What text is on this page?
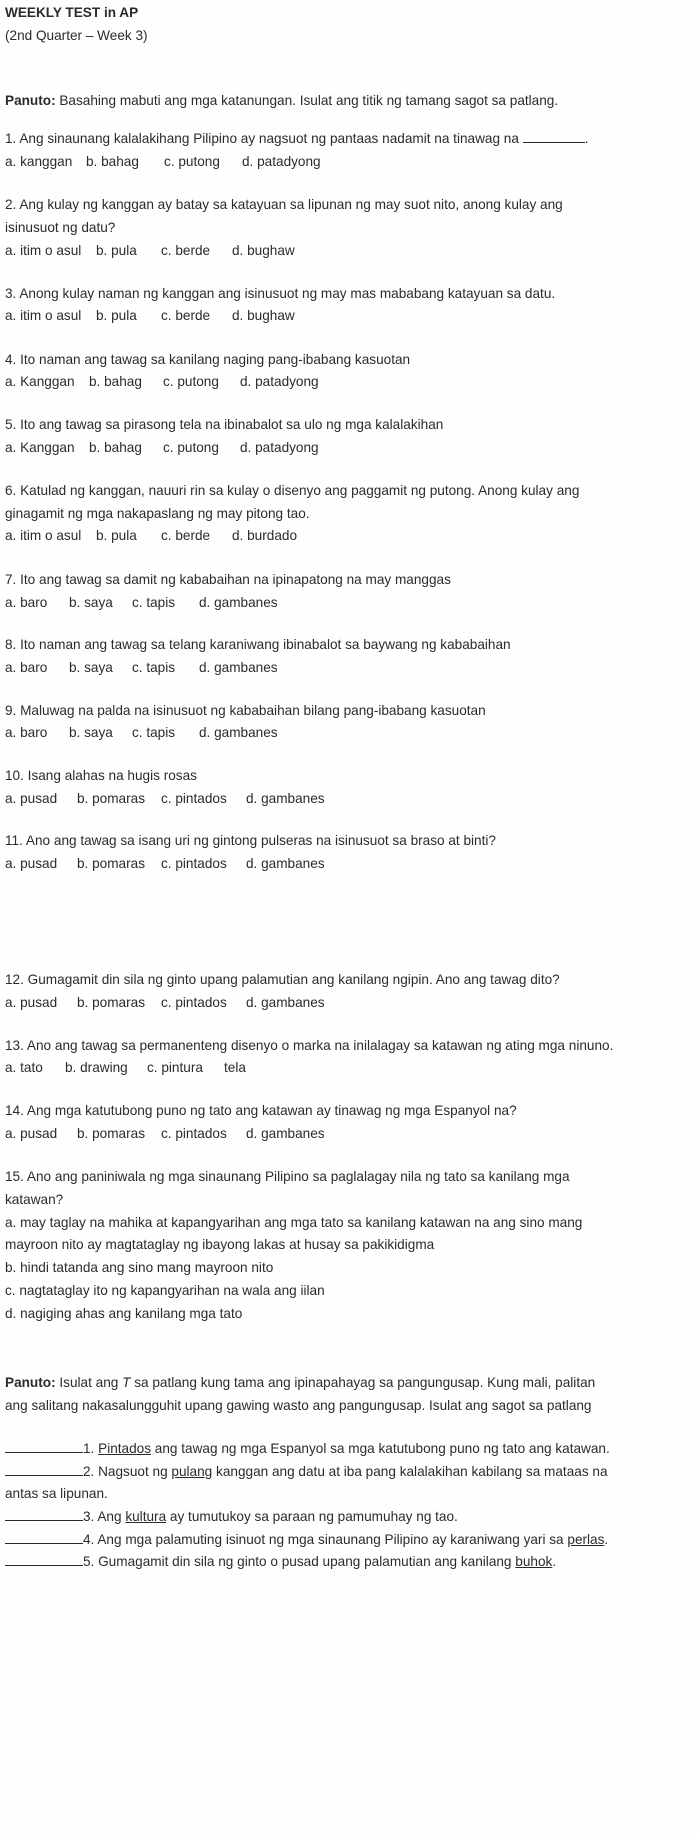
WEEKLY TEST in AP
(2nd Quarter – Week 3)
Panuto: Basahing mabuti ang mga katanungan. Isulat ang titik ng tamang sagot sa patlang.
1. Ang sinaunang kalalakihang Pilipino ay nagsuot ng pantaas nadamit na tinawag na	.
a. kanggan b. bahag c. putong d. patadyong
2. Ang kulay ng kanggan ay batay sa katayuan sa lipunan ng may suot nito, anong kulay ang
isinusuot ng datu?
a. itim o asul b. pula c. berde d. bughaw
3. Anong kulay naman ng kanggan ang isinusuot ng may mas mababang katayuan sa datu.
a. itim o asul b. pula c. berde d. bughaw
4. Ito naman ang tawag sa kanilang naging pang-ibabang kasuotan
a. Kanggan b. bahag c. putong d. patadyong
5. Ito ang tawag sa pirasong tela na ibinabalot sa ulo ng mga kalalakihan
a. Kanggan b. bahag c. putong d. patadyong
6. Katulad ng kanggan, nauuri rin sa kulay o disenyo ang paggamit ng putong. Anong kulay ang
ginagamit ng mga nakapaslang ng may pitong tao.
a. itim o asul b. pula c. berde d. burdado
7. Ito ang tawag sa damit ng kababaihan na ipinapatong na may manggas
a. baro b. saya c. tapis d. gambanes
8. Ito naman ang tawag sa telang karaniwang ibinabalot sa baywang ng kababaihan
a. baro b. saya c. tapis d. gambanes
9. Maluwag na palda na isinusuot ng kababaihan bilang pang-ibabang kasuotan
a. baro b. saya c. tapis d. gambanes
10. Isang alahas na hugis rosas
a. pusad b. pomaras c. pintados d. gambanes
11. Ano ang tawag sa isang uri ng gintong pulseras na isinusuot sa braso at binti?
a. pusad b. pomaras c. pintados d. gambanes
12. Gumagamit din sila ng ginto upang palamutian ang kanilang ngipin. Ano ang tawag dito?
a. pusad b. pomaras c. pintados d. gambanes
13. Ano ang tawag sa permanenteng disenyo o marka na inilalagay sa katawan ng ating mga ninuno.
a. tato b. drawing c. pintura tela
14. Ang mga katutubong puno ng tato ang katawan ay tinawag ng mga Espanyol na?
a. pusad b. pomaras c. pintados d. gambanes
15. Ano ang paniniwala ng mga sinaunang Pilipino sa paglalagay nila ng tato sa kanilang mga
katawan?
a. may taglay na mahika at kapangyarihan ang mga tato sa kanilang katawan na ang sino mang
mayroon nito ay magtataglay ng ibayong lakas at husay sa pakikidigma
b. hindi tatanda ang sino mang mayroon nito
c. nagtataglay ito ng kapangyarihan na wala ang iilan
d. nagiging ahas ang kanilang mga tato
Panuto: Isulat ang T sa patlang kung tama ang ipinapahayag sa pangungusap. Kung mali, palitan
ang salitang nakasalungguhit upang gawing wasto ang pangungusap. Isulat ang sagot sa patlang
1. Pintados ang tawag ng mga Espanyol sa mga katutubong puno ng tato ang katawan.
2. Nagsuot ng pulang kanggan ang datu at iba pang kalalakihan kabilang sa mataas na
antas sa lipunan.
3. Ang kultura ay tumutukoy sa paraan ng pamumuhay ng tao.
4. Ang mga palamuting isinuot ng mga sinaunang Pilipino ay karaniwang yari sa perlas.
5. Gumagamit din sila ng ginto o pusad upang palamutian ang kanilang buhok.
